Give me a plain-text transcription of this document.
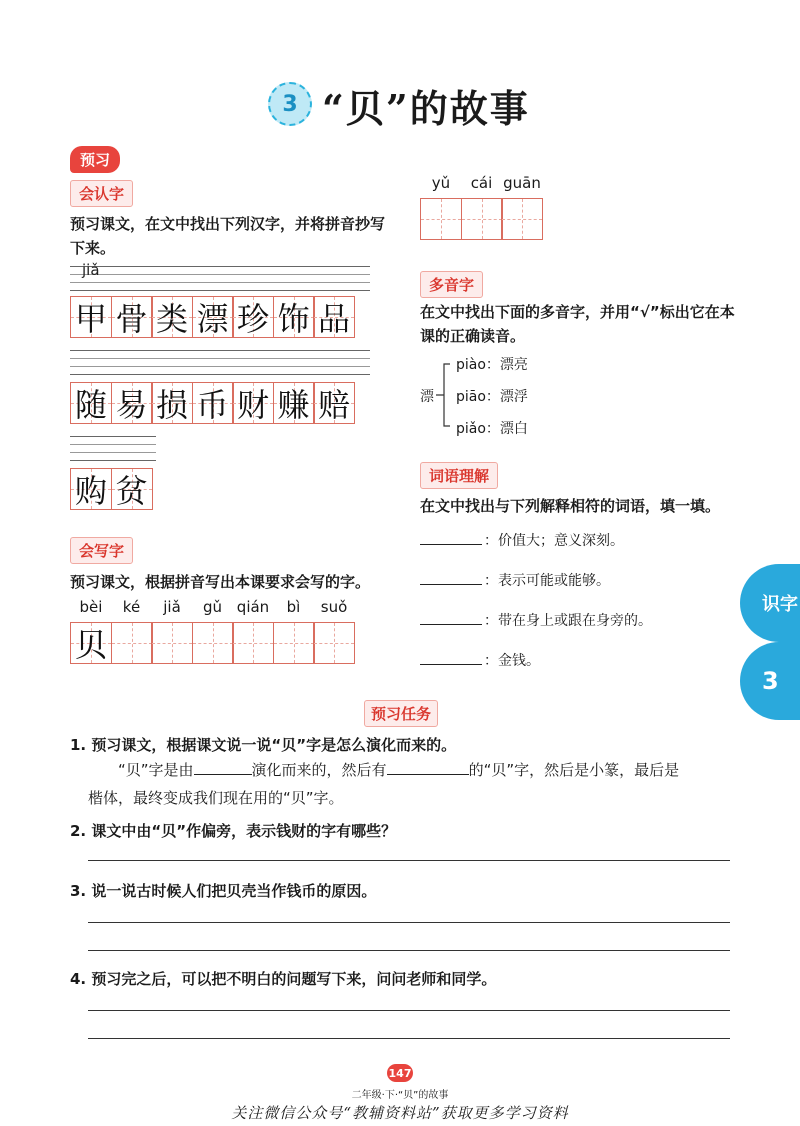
3 “贝”的故事
预习
会认字
预习课文，在文中找出下列汉字，并将拼音抄写下来。
jiǎ
甲 骨 类 漂 珍 饰 品
随 易 损 币 财 赚 赔
购 贫
会写字
预习课文，根据拼音写出本课要求会写的字。
bèi	ké	jiǎ	gǔ qián	bì	suǒ
贝
yǔ	cái guān
多音字
在文中找出下面的多音字，并用“√”标出它在本课的正确读音。
漂
piào：漂亮
piāo：漂浮
piǎo：漂白
词语理解
在文中找出与下列解释相符的词语，填一填。
：价值大；意义深刻。
：表示可能或能够。
：带在身上或跟在身旁的。
：金钱。
识字
3
预习任务
1. 预习课文，根据课文说一说“贝”字是怎么演化而来的。
“贝”字是由	演化而来的，然后有	的“贝”字，然后是小篆，最后是
楷体，最终变成我们现在用的“贝”字。
2. 课文中由“贝”作偏旁，表示钱财的字有哪些？
3. 说一说古时候人们把贝壳当作钱币的原因。
4. 预习完之后，可以把不明白的问题写下来，问问老师和同学。
147
二年级·下·“贝”的故事
关注微信公众号“教辅资料站”获取更多学习资料
